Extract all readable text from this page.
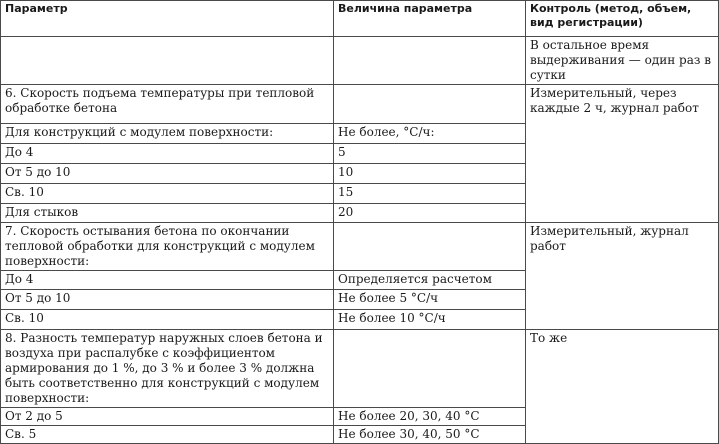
Параметр	Величина параметра	Контроль (метод, объем, вид регистрации)
		В остальное время выдерживания — один раз в сутки
6. Скорость подъема температуры при тепловой обработке бетона		Измерительный, через каждые 2 ч, журнал работ
Для конструкций с модулем поверхности:	Не более, °С/ч:	
До 4	5	
От 5 до 10	10	
Св. 10	15	
Для стыков	20	
7. Скорость остывания бетона по окончании тепловой обработки для конструкций с модулем поверхности:		Измерительный, журнал работ
До 4	Определяется расчетом	
От 5 до 10	Не более 5 °С/ч	
Св. 10	Не более 10 °С/ч	
8. Разность температур наружных слоев бетона и воздуха при распалубке с коэффициентом армирования до 1 %, до 3 % и более 3 % должна быть соответственно для конструкций с модулем поверхности:		То же
От 2 до 5	Не более 20, 30, 40 °С	
Св. 5	Не более 30, 40, 50 °С	
